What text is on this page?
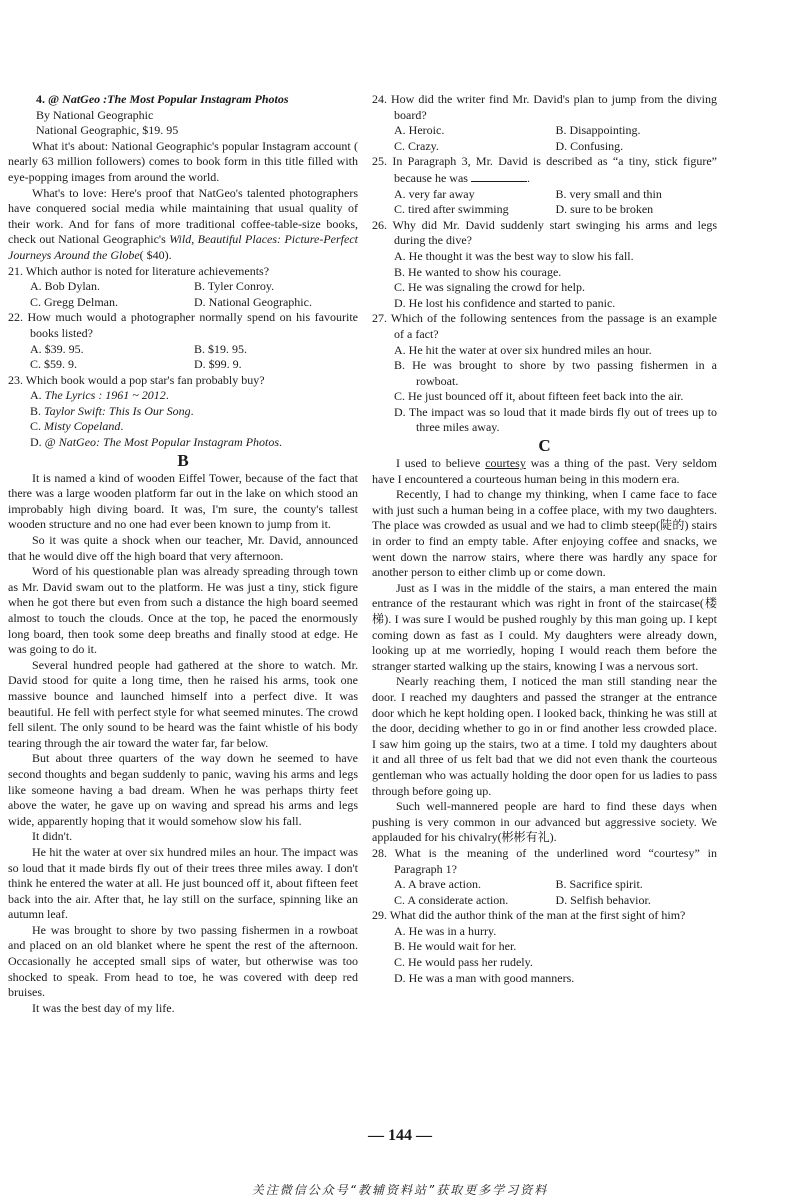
4. @ NatGeo :The Most Popular Instagram Photos

By National Geographic

National Geographic, $19. 95

What it's about: National Geographic's popular Instagram account ( nearly 63 million followers) comes to book form in this title filled with eye-popping images from around the world.

What's to love: Here's proof that NatGeo's talented photographers have conquered social media while maintaining that usual quality of their work. And for fans of more traditional coffee-table-size books, check out National Geographic's Wild, Beautiful Places: Picture-Perfect Journeys Around the Globe( $40).

21. Which author is noted for literature achievements?

A. Bob Dylan.	B. Tyler Conroy.
C. Gregg Delman.	D. National Geographic.

22. How much would a photographer normally spend on his favourite books listed?

A. $39. 95.	B. $19. 95.
C. $59. 9.	D. $99. 9.

23. Which book would a pop star's fan probably buy?

A. The Lyrics : 1961 ~ 2012.

B. Taylor Swift: This Is Our Song.

C. Misty Copeland.

D. @ NatGeo: The Most Popular Instagram Photos.

B

It is named a kind of wooden Eiffel Tower, because of the fact that there was a large wooden platform far out in the lake on which stood an improbably high diving board. It was, I'm sure, the county's tallest wooden structure and no one had ever been known to jump from it.

So it was quite a shock when our teacher, Mr. David, announced that he would dive off the high board that very afternoon.

Word of his questionable plan was already spreading through town as Mr. David swam out to the platform. He was just a tiny, stick figure when he got there but even from such a distance the high board seemed almost to touch the clouds. Once at the top, he paced the enormously long board, then took some deep breaths and finally stood at edge. He was going to do it.

Several hundred people had gathered at the shore to watch. Mr. David stood for quite a long time, then he raised his arms, took one massive bounce and launched himself into a perfect dive. It was beautiful. He fell with perfect style for what seemed minutes. The crowd fell silent. The only sound to be heard was the faint whistle of his body tearing through the air toward the water far, far below.

But about three quarters of the way down he seemed to have second thoughts and began suddenly to panic, waving his arms and legs like someone having a bad dream. When he was perhaps thirty feet above the water, he gave up on waving and spread his arms and legs wide, apparently hoping that it would somehow slow his fall.

It didn't.

He hit the water at over six hundred miles an hour. The impact was so loud that it made birds fly out of their trees three miles away. I don't think he entered the water at all. He just bounced off it, about fifteen feet back into the air. After that, he lay still on the surface, spinning like an autumn leaf.

He was brought to shore by two passing fishermen in a rowboat and placed on an old blanket where he spent the rest of the afternoon. Occasionally he accepted small sips of water, but otherwise was too shocked to speak. From head to toe, he was covered with deep red bruises.

It was the best day of my life.

24. How did the writer find Mr. David's plan to jump from the diving board?

A. Heroic.	B. Disappointing.
C. Crazy.	D. Confusing.

25. In Paragraph 3, Mr. David is described as “a tiny, stick figure” because he was	.

A. very far away	B. very small and thin
C. tired after swimming	D. sure to be broken

26. Why did Mr. David suddenly start swinging his arms and legs during the dive?

A. He thought it was the best way to slow his fall.

B. He wanted to show his courage.

C. He was signaling the crowd for help.

D. He lost his confidence and started to panic.

27. Which of the following sentences from the passage is an example of a fact?

A. He hit the water at over six hundred miles an hour.

B. He was brought to shore by two passing fishermen in a rowboat.

C. He just bounced off it, about fifteen feet back into the air.

D. The impact was so loud that it made birds fly out of trees up to three miles away.

C

I used to believe courtesy was a thing of the past. Very seldom have I encountered a courteous human being in this modern era.

Recently, I had to change my thinking, when I came face to face with just such a human being in a coffee place, with my two daughters. The place was crowded as usual and we had to climb steep(陡的) stairs in order to find an empty table. After enjoying coffee and snacks, we went down the narrow stairs, where there was hardly any space for another person to either climb up or come down.

Just as I was in the middle of the stairs, a man entered the main entrance of the restaurant which was right in front of the staircase(楼梯). I was sure I would be pushed roughly by this man going up. I kept coming down as fast as I could. My daughters were already down, looking up at me worriedly, hoping I would reach them before the stranger started walking up the stairs, knowing I was a nervous sort.

Nearly reaching them, I noticed the man still standing near the door. I reached my daughters and passed the stranger at the entrance door which he kept holding open. I looked back, thinking he was still at the door, deciding whether to go in or find another less crowded place. I saw him going up the stairs, two at a time. I told my daughters about it and all three of us felt bad that we did not even thank the courteous gentleman who was actually holding the door open for us ladies to pass through before going up.

Such well-mannered people are hard to find these days when pushing is very common in our advanced but aggressive society. We applauded for his chivalry(彬彬有礼).

28. What is the meaning of the underlined word “courtesy” in Paragraph 1?

A. A brave action.	B. Sacrifice spirit.
C. A considerate action.	D. Selfish behavior.

29. What did the author think of the man at the first sight of him?

A. He was in a hurry.

B. He would wait for her.

C. He would pass her rudely.

D. He was a man with good manners.

— 144 —
关注微信公众号“教辅资料站”获取更多学习资料
